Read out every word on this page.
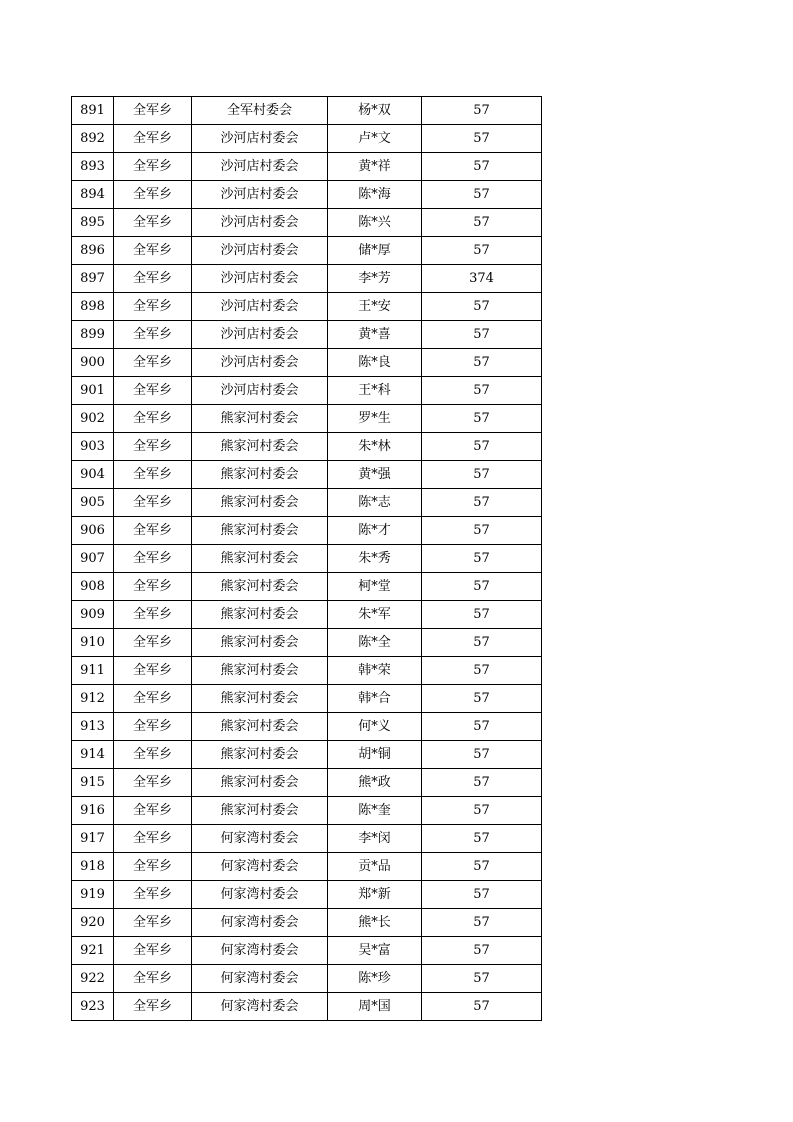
891	全军乡	全军村委会	杨*双	57
892	全军乡	沙河店村委会	卢*文	57
893	全军乡	沙河店村委会	黄*祥	57
894	全军乡	沙河店村委会	陈*海	57
895	全军乡	沙河店村委会	陈*兴	57
896	全军乡	沙河店村委会	储*厚	57
897	全军乡	沙河店村委会	李*芳	374
898	全军乡	沙河店村委会	王*安	57
899	全军乡	沙河店村委会	黄*喜	57
900	全军乡	沙河店村委会	陈*良	57
901	全军乡	沙河店村委会	王*科	57
902	全军乡	熊家河村委会	罗*生	57
903	全军乡	熊家河村委会	朱*林	57
904	全军乡	熊家河村委会	黄*强	57
905	全军乡	熊家河村委会	陈*志	57
906	全军乡	熊家河村委会	陈*才	57
907	全军乡	熊家河村委会	朱*秀	57
908	全军乡	熊家河村委会	柯*堂	57
909	全军乡	熊家河村委会	朱*军	57
910	全军乡	熊家河村委会	陈*全	57
911	全军乡	熊家河村委会	韩*荣	57
912	全军乡	熊家河村委会	韩*合	57
913	全军乡	熊家河村委会	何*义	57
914	全军乡	熊家河村委会	胡*铜	57
915	全军乡	熊家河村委会	熊*政	57
916	全军乡	熊家河村委会	陈*奎	57
917	全军乡	何家湾村委会	李*闵	57
918	全军乡	何家湾村委会	贡*品	57
919	全军乡	何家湾村委会	郑*新	57
920	全军乡	何家湾村委会	熊*长	57
921	全军乡	何家湾村委会	吴*富	57
922	全军乡	何家湾村委会	陈*珍	57
923	全军乡	何家湾村委会	周*国	57
